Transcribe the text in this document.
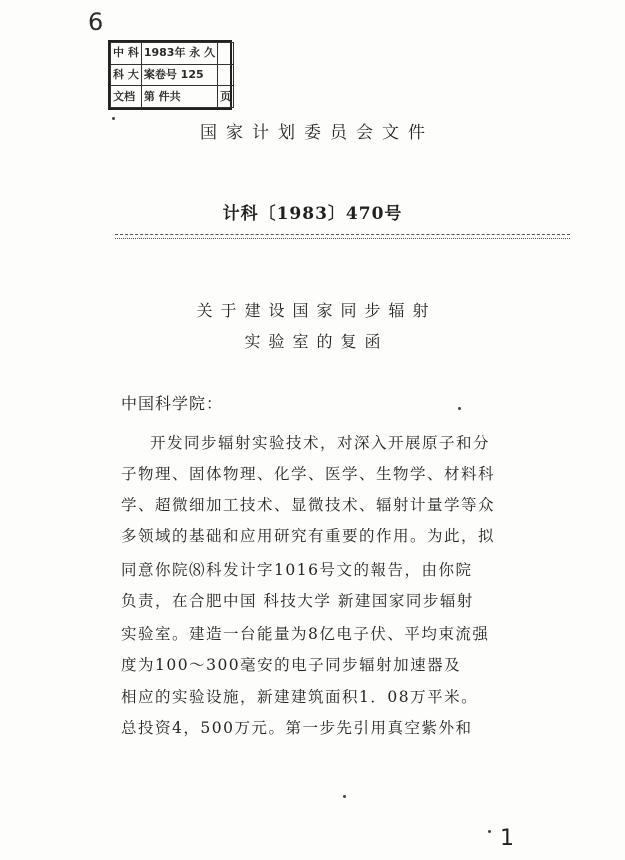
6
中 科	1983年 永 久	
科 大	案卷号 125	
文档	第 件共	页
国家计划委员会文件
计科〔1983〕470号
关于建设国家同步辐射
实验室的复函
中国科学院：
开发同步辐射实验技术，对深入开展原子和分
子物理、固体物理、化学、医学、生物学、材料科
学、超微细加工技术、显微技术、辐射计量学等众
多领域的基础和应用研究有重要的作用。为此，拟
同意你院⑻科发计字1016号文的報告，由你院
负责，在合肥中国 科技大学 新建国家同步辐射
实验室。建造一台能量为8亿电子伏、平均束流强
度为100～300毫安的电子同步辐射加速器及
相应的实验设施，新建建筑面积1．08万平米。
总投资4，500万元。第一步先引用真空紫外和
1
